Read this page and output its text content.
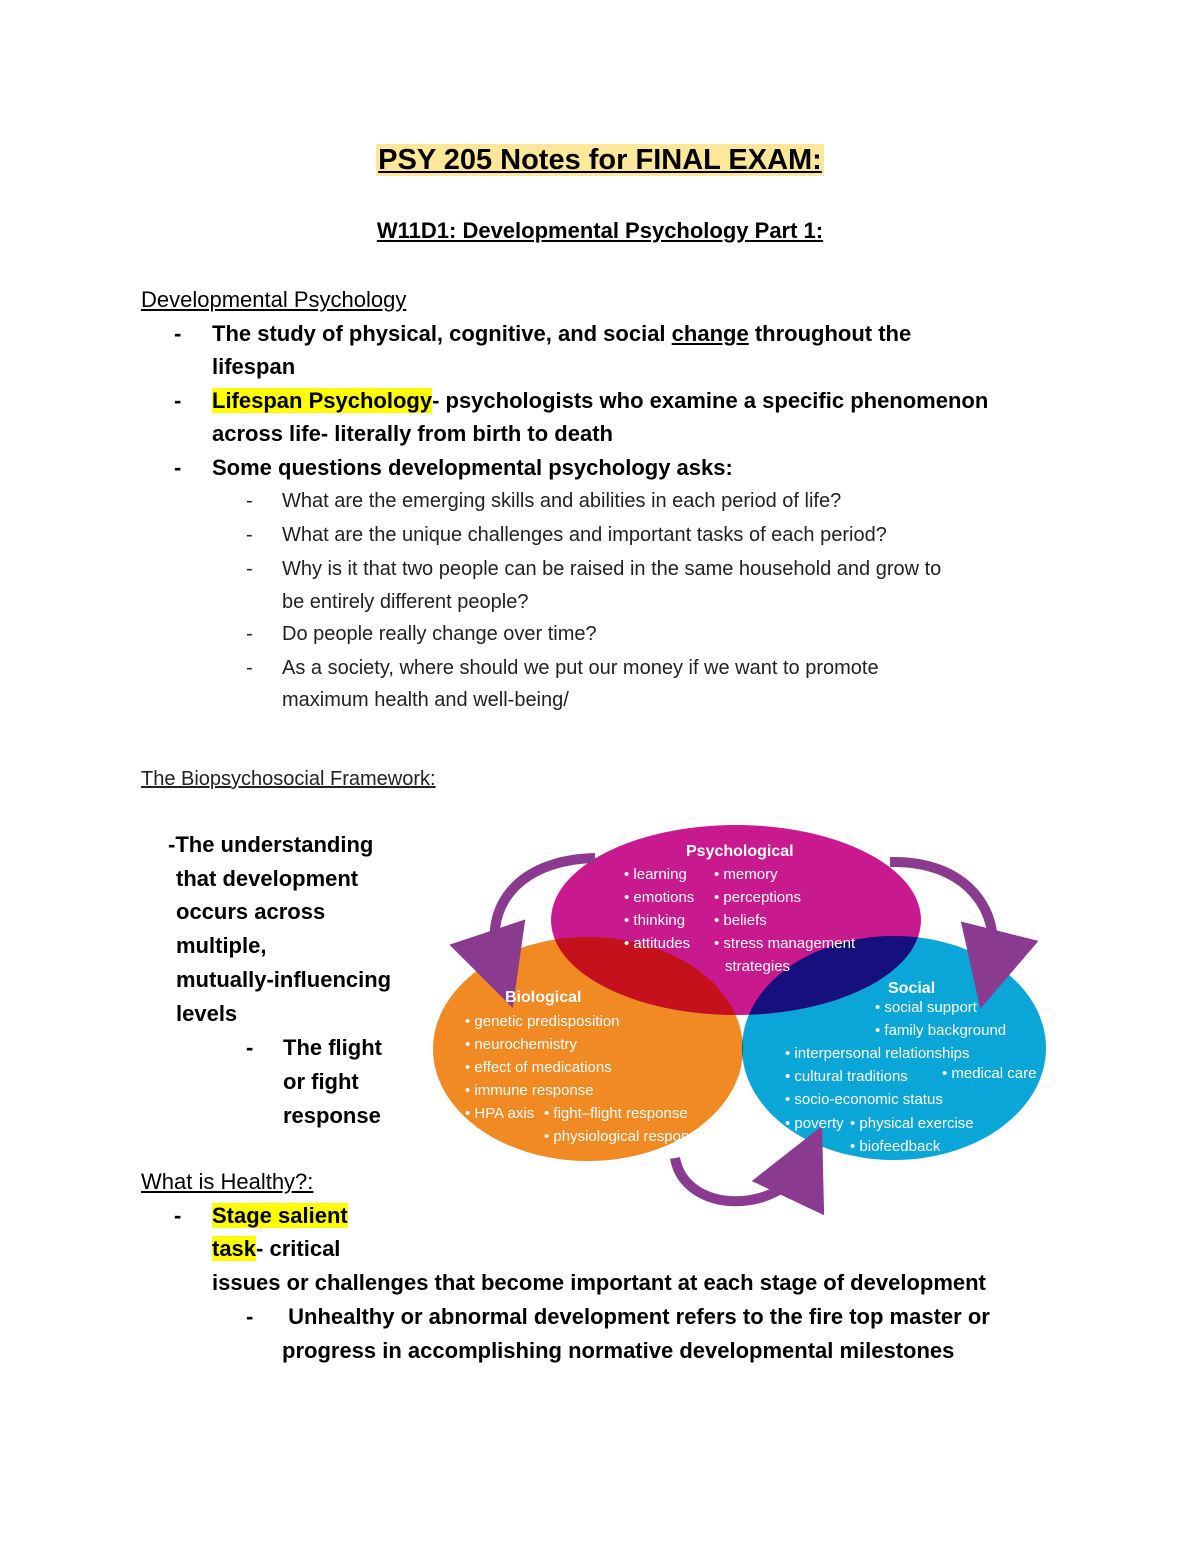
PSY 205 Notes for FINAL EXAM:
W11D1: Developmental Psychology Part 1:
Developmental Psychology
- The study of physical, cognitive, and social change throughout the
lifespan
- Lifespan Psychology- psychologists who examine a specific phenomenon
across life- literally from birth to death
- Some questions developmental psychology asks:
- What are the emerging skills and abilities in each period of life?
- What are the unique challenges and important tasks of each period?
- Why is it that two people can be raised in the same household and grow to
be entirely different people?
- Do people really change over time?
- As a society, where should we put our money if we want to promote
maximum health and well-being/
The Biopsychosocial Framework:
-The understanding
that development
occurs across
multiple,
mutually-influencing
levels
- The flight
or fight
response
Psychological
• learning
• emotions
• thinking
• attitudes
• memory
• perceptions
• beliefs
• stress management
strategies
Biological
• genetic predisposition
• neurochemistry
• effect of medications
• immune response
• HPA axis • fight–flight response
• physiological responses
Social
• social support
• family background
• interpersonal relationships
• cultural traditions • medical care
• socio-economic status
• poverty • physical exercise
• biofeedback
What is Healthy?:
- Stage salient
task- critical
issues or challenges that become important at each stage of development
- Unhealthy or abnormal development refers to the fire top master or
progress in accomplishing normative developmental milestones
